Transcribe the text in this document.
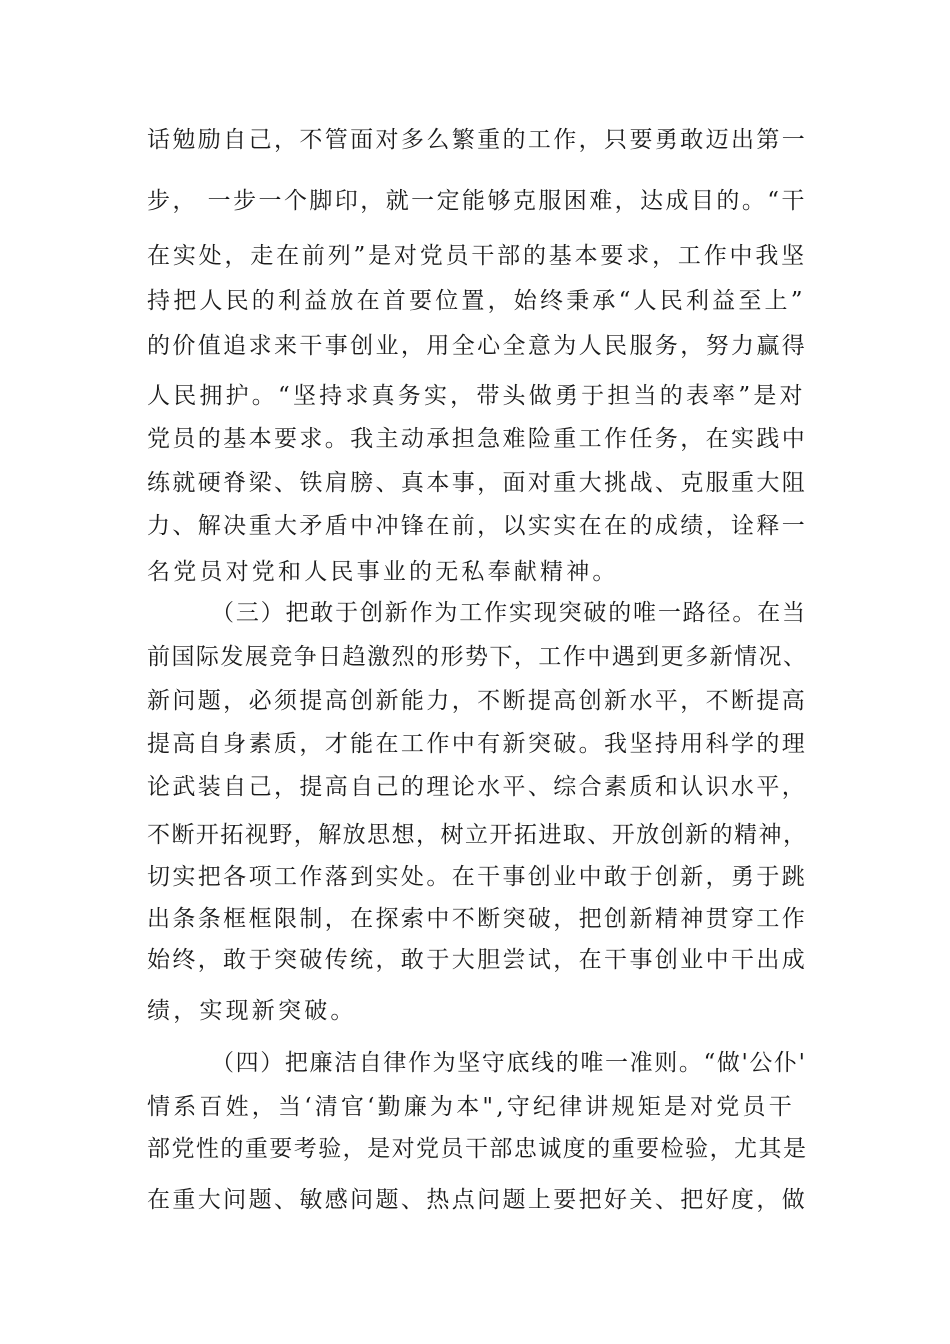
话勉励自己，不管面对多么繁重的工作，只要勇敢迈出第一
步， 一步一个脚印，就一定能够克服困难，达成目的。“干
在实处，走在前列”是对党员干部的基本要求，工作中我坚
持把人民的利益放在首要位置，始终秉承“人民利益至上”
的价值追求来干事创业，用全心全意为人民服务，努力赢得
人民拥护。“坚持求真务实，带头做勇于担当的表率”是对
党员的基本要求。我主动承担急难险重工作任务，在实践中
练就硬脊梁、铁肩膀、真本事，面对重大挑战、克服重大阻
力、解决重大矛盾中冲锋在前，以实实在在的成绩，诠释一
名党员对党和人民事业的无私奉献精神。
（三）把敢于创新作为工作实现突破的唯一路径。在当
前国际发展竞争日趋激烈的形势下，工作中遇到更多新情况、
新问题，必须提高创新能力，不断提高创新水平，不断提高
提高自身素质，才能在工作中有新突破。我坚持用科学的理
论武装自己，提高自己的理论水平、综合素质和认识水平，
不断开拓视野，解放思想，树立开拓进取、开放创新的精神，
切实把各项工作落到实处。在干事创业中敢于创新，勇于跳
出条条框框限制，在探索中不断突破，把创新精神贯穿工作
始终，敢于突破传统，敢于大胆尝试，在干事创业中干出成
绩，实现新突破。
（四）把廉洁自律作为坚守底线的唯一准则。“做'公仆'
情系百姓，当‘清官‘勤廉为本",守纪律讲规矩是对党员干
部党性的重要考验，是对党员干部忠诚度的重要检验，尤其是
在重大问题、敏感问题、热点问题上要把好关、把好度，做
